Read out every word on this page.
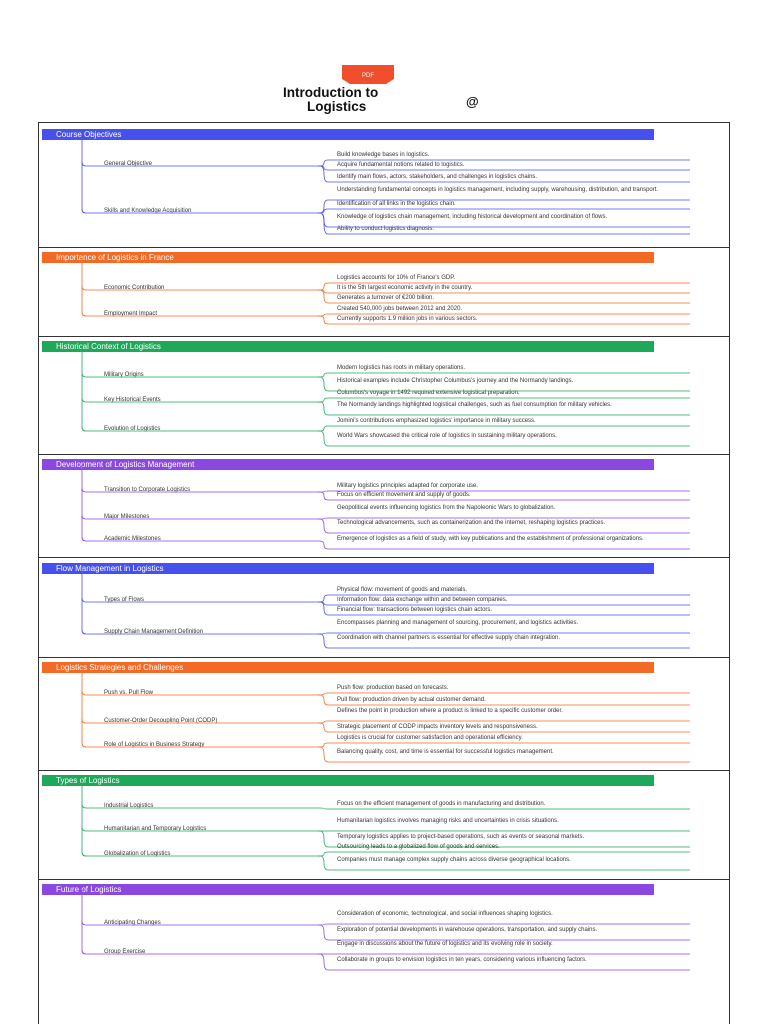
PDF
Introduction to
Logistics	@
Course Objectives
General Objective
Build knowledge bases in logistics.
Acquire fundamental notions related to logistics.
Identify main flows, actors, stakeholders, and challenges in logistics chains.
Skills and Knowledge Acquisition
Understanding fundamental concepts in logistics management, including supply, warehousing, distribution, and transport.
Identification of all links in the logistics chain.
Knowledge of logistics chain management, including historical development and coordination of flows.
Ability to conduct logistics diagnosis.
Importance of Logistics in France
Economic Contribution
Logistics accounts for 10% of France's GDP.
It is the 5th largest economic activity in the country.
Generates a turnover of €200 billion.
Employment Impact
Created 540,000 jobs between 2012 and 2020.
Currently supports 1.9 million jobs in various sectors.
Historical Context of Logistics
Military Origins
Modern logistics has roots in military operations.
Historical examples include Christopher Columbus's journey and the Normandy landings.
Key Historical Events
Columbus's voyage in 1492 required extensive logistical preparation.
The Normandy landings highlighted logistical challenges, such as fuel consumption for military vehicles.
Evolution of Logistics
Jomini's contributions emphasized logistics' importance in military success.
World Wars showcased the critical role of logistics in sustaining military operations.
Development of Logistics Management
Transition to Corporate Logistics
Military logistics principles adapted for corporate use.
Focus on efficient movement and supply of goods.
Major Milestones
Geopolitical events influencing logistics from the Napoleonic Wars to globalization.
Technological advancements, such as containerization and the internet, reshaping logistics practices.
Academic Milestones	Emergence of logistics as a field of study, with key publications and the establishment of professional organizations.
Flow Management in Logistics
Types of Flows
Physical flow: movement of goods and materials.
Information flow: data exchange within and between companies.
Financial flow: transactions between logistics chain actors.
Supply Chain Management Definition
Encompasses planning and management of sourcing, procurement, and logistics activities.
Coordination with channel partners is essential for effective supply chain integration.
Logistics Strategies and Challenges
Push vs. Pull Flow
Push flow: production based on forecasts.
Pull flow: production driven by actual customer demand.
Customer-Order Decoupling Point (CODP)
Defines the point in production where a product is linked to a specific customer order.
Strategic placement of CODP impacts inventory levels and responsiveness.
Role of Logistics in Business Strategy
Logistics is crucial for customer satisfaction and operational efficiency.
Balancing quality, cost, and time is essential for successful logistics management.
Types of Logistics
Industrial Logistics	Focus on the efficient management of goods in manufacturing and distribution.
Humanitarian and Temporary Logistics
Humanitarian logistics involves managing risks and uncertainties in crisis situations.
Temporary logistics applies to project-based operations, such as events or seasonal markets.
Globalization of Logistics
Outsourcing leads to a globalized flow of goods and services.
Companies must manage complex supply chains across diverse geographical locations.
Future of Logistics
Anticipating Changes
Consideration of economic, technological, and social influences shaping logistics.
Exploration of potential developments in warehouse operations, transportation, and supply chains.
Group Exercise
Engage in discussions about the future of logistics and its evolving role in society.
Collaborate in groups to envision logistics in ten years, considering various influencing factors.
